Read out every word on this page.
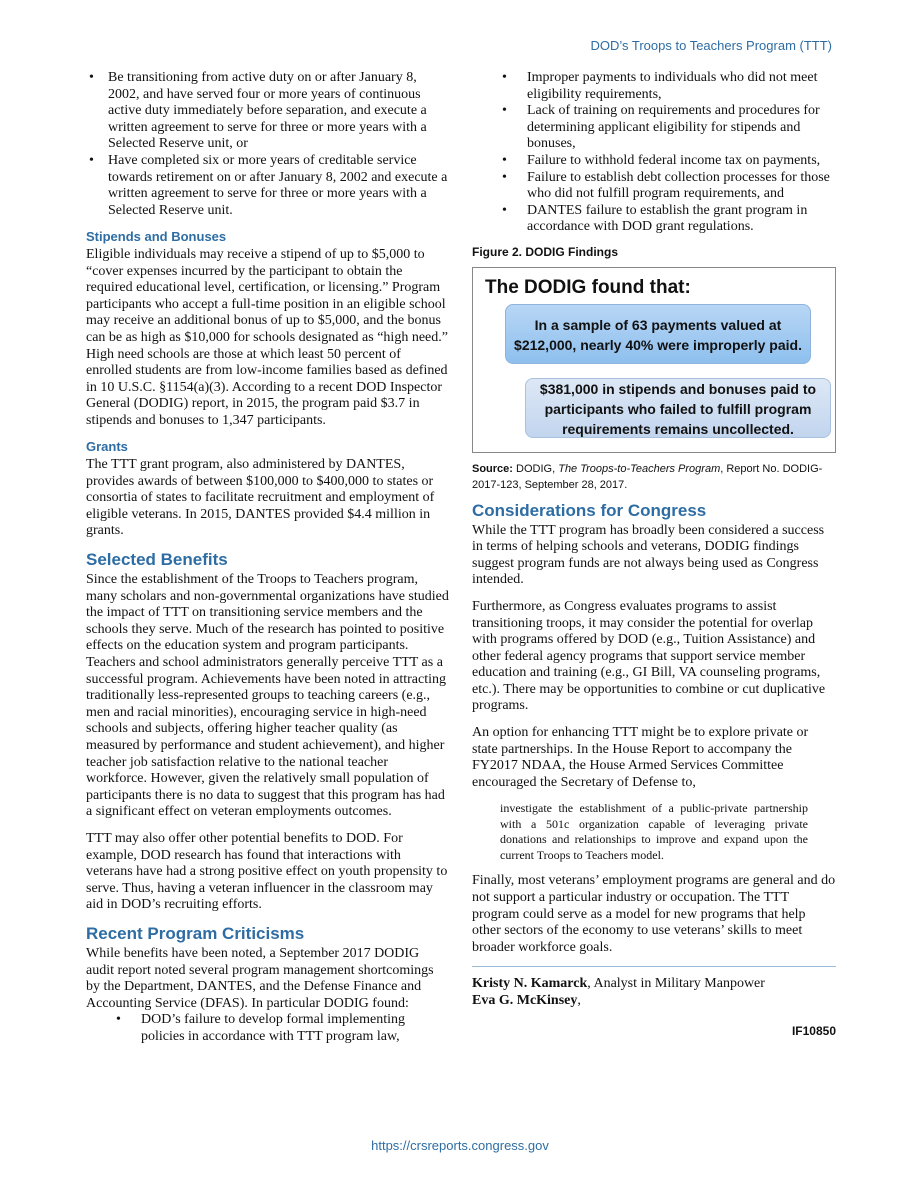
DOD’s Troops to Teachers Program (TTT)
• Be transitioning from active duty on or after January 8, 2002, and have served four or more years of continuous active duty immediately before separation, and execute a written agreement to serve for three or more years with a Selected Reserve unit, or
• Have completed six or more years of creditable service towards retirement on or after January 8, 2002 and execute a written agreement to serve for three or more years with a Selected Reserve unit.
Stipends and Bonuses

Eligible individuals may receive a stipend of up to $5,000 to “cover expenses incurred by the participant to obtain the required educational level, certification, or licensing.” Program participants who accept a full-time position in an eligible school may receive an additional bonus of up to $5,000, and the bonus can be as high as $10,000 for schools designated as “high need.” High need schools are those at which least 50 percent of enrolled students are from low-income families based as defined in 10 U.S.C. §1154(a)(3). According to a recent DOD Inspector General (DODIG) report, in 2015, the program paid $3.7 in stipends and bonuses to 1,347 participants.

Grants

The TTT grant program, also administered by DANTES, provides awards of between $100,000 to $400,000 to states or consortia of states to facilitate recruitment and employment of eligible veterans. In 2015, DANTES provided $4.4 million in grants.

Selected Benefits

Since the establishment of the Troops to Teachers program, many scholars and non-governmental organizations have studied the impact of TTT on transitioning service members and the schools they serve. Much of the research has pointed to positive effects on the education system and program participants. Teachers and school administrators generally perceive TTT as a successful program. Achievements have been noted in attracting traditionally less-represented groups to teaching careers (e.g., men and racial minorities), encouraging service in high-need schools and subjects, offering higher teacher quality (as measured by performance and student achievement), and higher teacher job satisfaction relative to the national teacher workforce. However, given the relatively small population of participants there is no data to suggest that this program has had a significant effect on veteran employments outcomes.

TTT may also offer other potential benefits to DOD. For example, DOD research has found that interactions with veterans have had a strong positive effect on youth propensity to serve. Thus, having a veteran influencer in the classroom may aid in DOD’s recruiting efforts.

Recent Program Criticisms

While benefits have been noted, a September 2017 DODIG audit report noted several program management shortcomings by the Department, DANTES, and the Defense Finance and Accounting Service (DFAS). In particular DODIG found:

• DOD’s failure to develop formal implementing policies in accordance with TTT program law,
• Improper payments to individuals who did not meet eligibility requirements,
• Lack of training on requirements and procedures for determining applicant eligibility for stipends and bonuses,
• Failure to withhold federal income tax on payments,
• Failure to establish debt collection processes for those who did not fulfill program requirements, and
• DANTES failure to establish the grant program in accordance with DOD grant regulations.
Figure 2. DODIG Findings
The DODIG found that:
In a sample of 63 payments valued at $212,000, nearly 40% were improperly paid.
$381,000 in stipends and bonuses paid to participants who failed to fulfill program requirements remains uncollected.
Source: DODIG, The Troops-to-Teachers Program, Report No. DODIG-2017-123, September 28, 2017.
Considerations for Congress

While the TTT program has broadly been considered a success in terms of helping schools and veterans, DODIG findings suggest program funds are not always being used as Congress intended.

Furthermore, as Congress evaluates programs to assist transitioning troops, it may consider the potential for overlap with programs offered by DOD (e.g., Tuition Assistance) and other federal agency programs that support service member education and training (e.g., GI Bill, VA counseling programs, etc.). There may be opportunities to combine or cut duplicative programs.

An option for enhancing TTT might be to explore private or state partnerships. In the House Report to accompany the FY2017 NDAA, the House Armed Services Committee encouraged the Secretary of Defense to,

investigate the establishment of a public-private partnership with a 501c organization capable of leveraging private donations and relationships to improve and expand upon the current Troops to Teachers model.

Finally, most veterans’ employment programs are general and do not support a particular industry or occupation. The TTT program could serve as a model for new programs that help other sectors of the economy to use veterans’ skills to meet broader workforce goals.

Kristy N. Kamarck, Analyst in Military Manpower
Eva G. McKinsey,
IF10850
https://crsreports.congress.gov
